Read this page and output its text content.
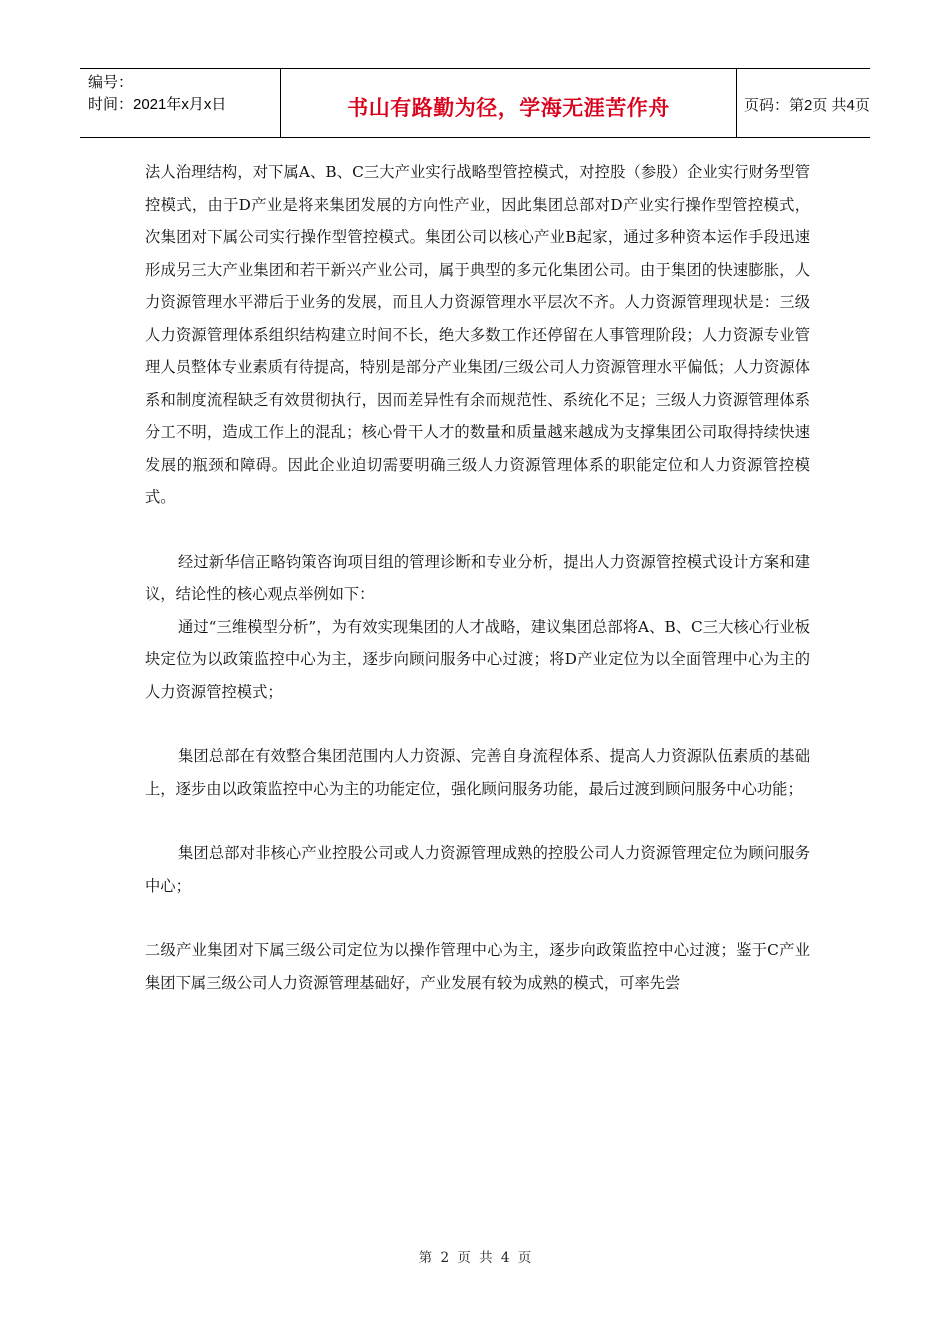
编号：
时间：2021年x月x日	书山有路勤为径，学海无涯苦作舟	页码：第2页 共4页

法人治理结构，对下属A、B、C三大产业实行战略型管控模式，对控股（参股）企业实行财务型管控模式，由于D产业是将来集团发展的方向性产业，因此集团总部对D产业实行操作型管控模式，次集团对下属公司实行操作型管控模式。集团公司以核心产业B起家，通过多种资本运作手段迅速形成另三大产业集团和若干新兴产业公司，属于典型的多元化集团公司。由于集团的快速膨胀，人力资源管理水平滞后于业务的发展，而且人力资源管理水平层次不齐。人力资源管理现状是：三级人力资源管理体系组织结构建立时间不长，绝大多数工作还停留在人事管理阶段；人力资源专业管理人员整体专业素质有待提高，特别是部分产业集团/三级公司人力资源管理水平偏低；人力资源体系和制度流程缺乏有效贯彻执行，因而差异性有余而规范性、系统化不足；三级人力资源管理体系分工不明，造成工作上的混乱；核心骨干人才的数量和质量越来越成为支撑集团公司取得持续快速发展的瓶颈和障碍。因此企业迫切需要明确三级人力资源管理体系的职能定位和人力资源管控模式。

经过新华信正略钧策咨询项目组的管理诊断和专业分析，提出人力资源管控模式设计方案和建议，结论性的核心观点举例如下：

通过“三维模型分析”，为有效实现集团的人才战略，建议集团总部将A、B、C三大核心行业板块定位为以政策监控中心为主，逐步向顾问服务中心过渡；将D产业定位为以全面管理中心为主的人力资源管控模式；

集团总部在有效整合集团范围内人力资源、完善自身流程体系、提高人力资源队伍素质的基础上，逐步由以政策监控中心为主的功能定位，强化顾问服务功能，最后过渡到顾问服务中心功能；

集团总部对非核心产业控股公司或人力资源管理成熟的控股公司人力资源管理定位为顾问服务中心；

二级产业集团对下属三级公司定位为以操作管理中心为主，逐步向政策监控中心过渡；鉴于C产业集团下属三级公司人力资源管理基础好，产业发展有较为成熟的模式，可率先尝

第 2 页 共 4 页
